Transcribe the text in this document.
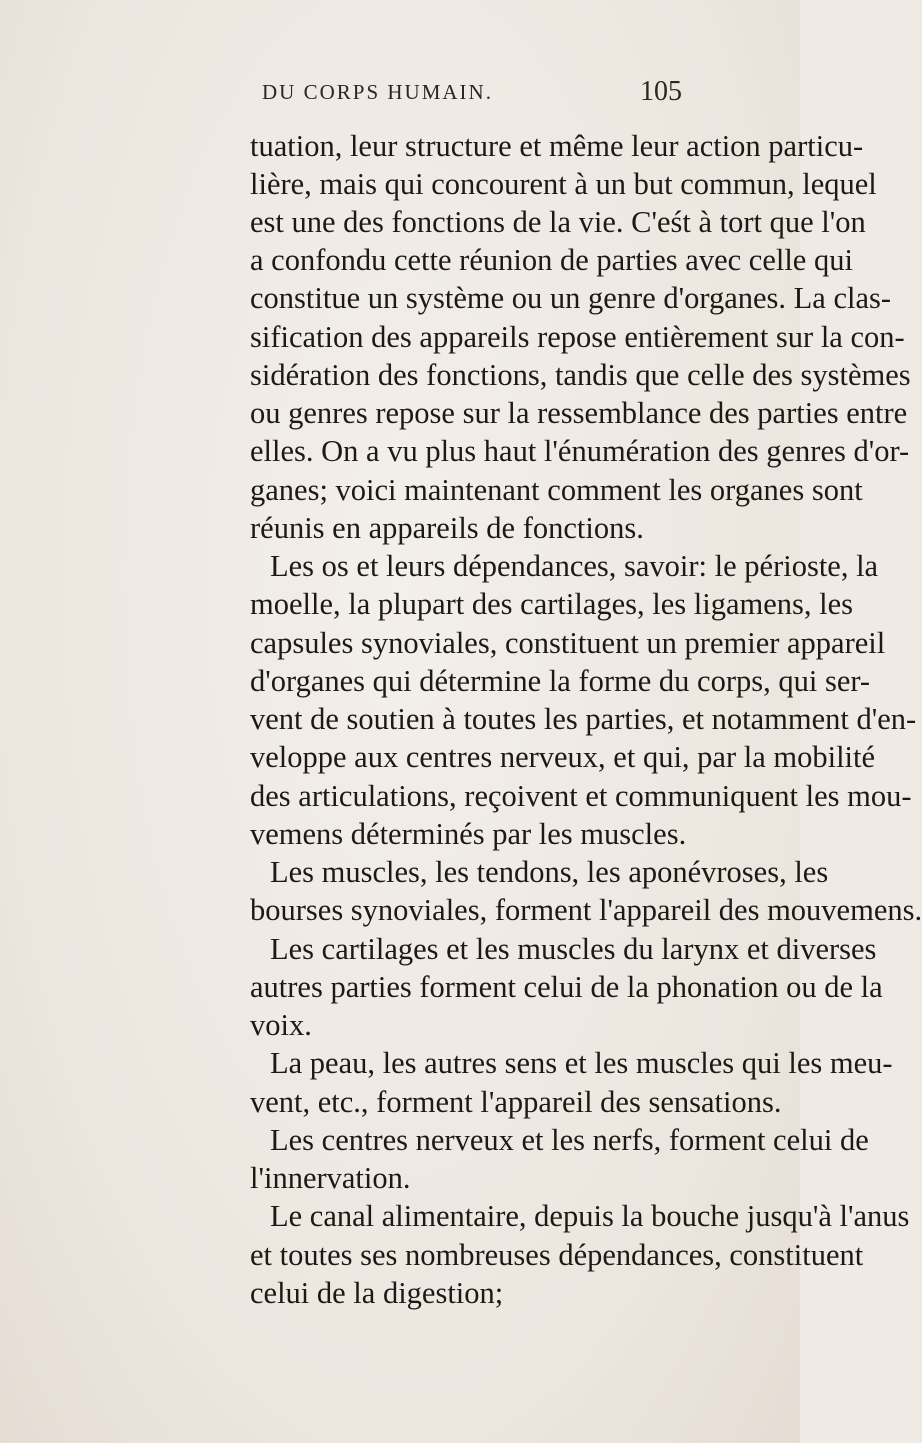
DU CORPS HUMAIN.	105
tuation, leur structure et même leur action particu-
lière, mais qui concourent à un but commun, lequel
est une des fonctions de la vie. C'eśt à tort que l'on
a confondu cette réunion de parties avec celle qui
constitue un système ou un genre d'organes. La clas-
sification des appareils repose entièrement sur la con-
sidération des fonctions, tandis que celle des systèmes
ou genres repose sur la ressemblance des parties entre
elles. On a vu plus haut l'énumération des genres d'or-
ganes; voici maintenant comment les organes sont
réunis en appareils de fonctions.
Les os et leurs dépendances, savoir: le périoste, la
moelle, la plupart des cartilages, les ligamens, les
capsules synoviales, constituent un premier appareil
d'organes qui détermine la forme du corps, qui ser-
vent de soutien à toutes les parties, et notamment d'en-
veloppe aux centres nerveux, et qui, par la mobilité
des articulations, reçoivent et communiquent les mou-
vemens déterminés par les muscles.
Les muscles, les tendons, les aponévroses, les
bourses synoviales, forment l'appareil des mouvemens.
Les cartilages et les muscles du larynx et diverses
autres parties forment celui de la phonation ou de la
voix.
La peau, les autres sens et les muscles qui les meu-
vent, etc., forment l'appareil des sensations.
Les centres nerveux et les nerfs, forment celui de
l'innervation.
Le canal alimentaire, depuis la bouche jusqu'à l'anus
et toutes ses nombreuses dépendances, constituent
celui de la digestion;
